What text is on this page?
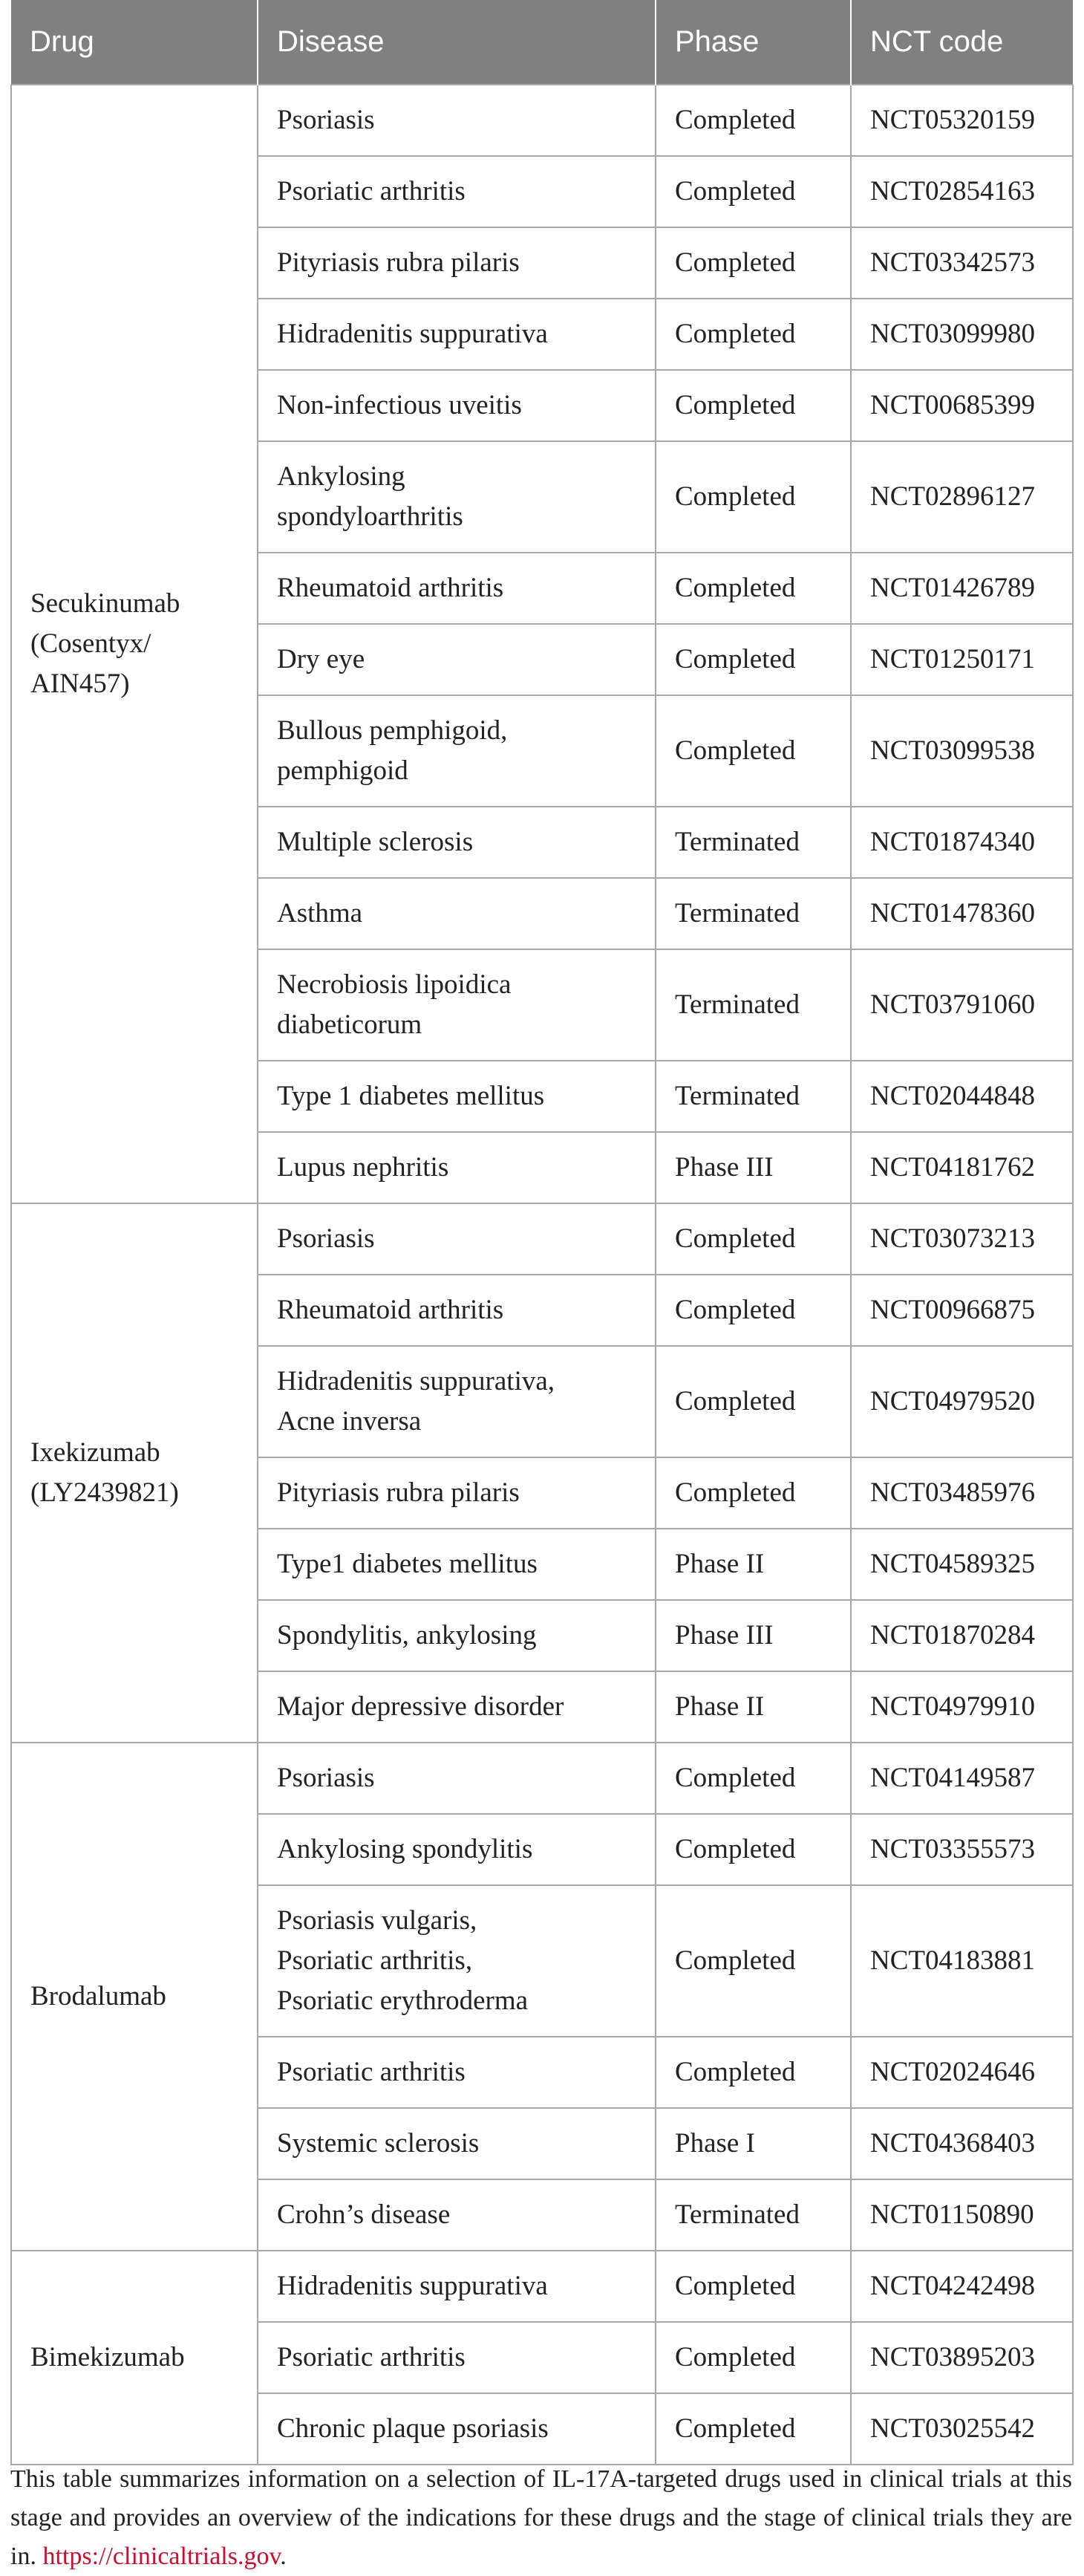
Drug	Disease	Phase	NCT code
Secukinumab
(Cosentyx/
AIN457)	Psoriasis	Completed	NCT05320159
	Psoriatic arthritis	Completed	NCT02854163
	Pityriasis rubra pilaris	Completed	NCT03342573
	Hidradenitis suppurativa	Completed	NCT03099980
	Non-infectious uveitis	Completed	NCT00685399
	Ankylosing
spondyloarthritis	Completed	NCT02896127
	Rheumatoid arthritis	Completed	NCT01426789
	Dry eye	Completed	NCT01250171
	Bullous pemphigoid,
pemphigoid	Completed	NCT03099538
	Multiple sclerosis	Terminated	NCT01874340
	Asthma	Terminated	NCT01478360
	Necrobiosis lipoidica
diabeticorum	Terminated	NCT03791060
	Type 1 diabetes mellitus	Terminated	NCT02044848
	Lupus nephritis	Phase III	NCT04181762
Ixekizumab
(LY2439821)	Psoriasis	Completed	NCT03073213
	Rheumatoid arthritis	Completed	NCT00966875
	Hidradenitis suppurativa,
Acne inversa	Completed	NCT04979520
	Pityriasis rubra pilaris	Completed	NCT03485976
	Type1 diabetes mellitus	Phase II	NCT04589325
	Spondylitis, ankylosing	Phase III	NCT01870284
	Major depressive disorder	Phase II	NCT04979910
Brodalumab	Psoriasis	Completed	NCT04149587
	Ankylosing spondylitis	Completed	NCT03355573
	Psoriasis vulgaris,
Psoriatic arthritis,
Psoriatic erythroderma	Completed	NCT04183881
	Psoriatic arthritis	Completed	NCT02024646
	Systemic sclerosis	Phase I	NCT04368403
	Crohn’s disease	Terminated	NCT01150890
Bimekizumab	Hidradenitis suppurativa	Completed	NCT04242498
	Psoriatic arthritis	Completed	NCT03895203
	Chronic plaque psoriasis	Completed	NCT03025542
This table summarizes information on a selection of IL-17A-targeted drugs used in clinical trials at this stage and provides an overview of the indications for these drugs and the stage of clinical trials they are in. https://clinicaltrials.gov.
